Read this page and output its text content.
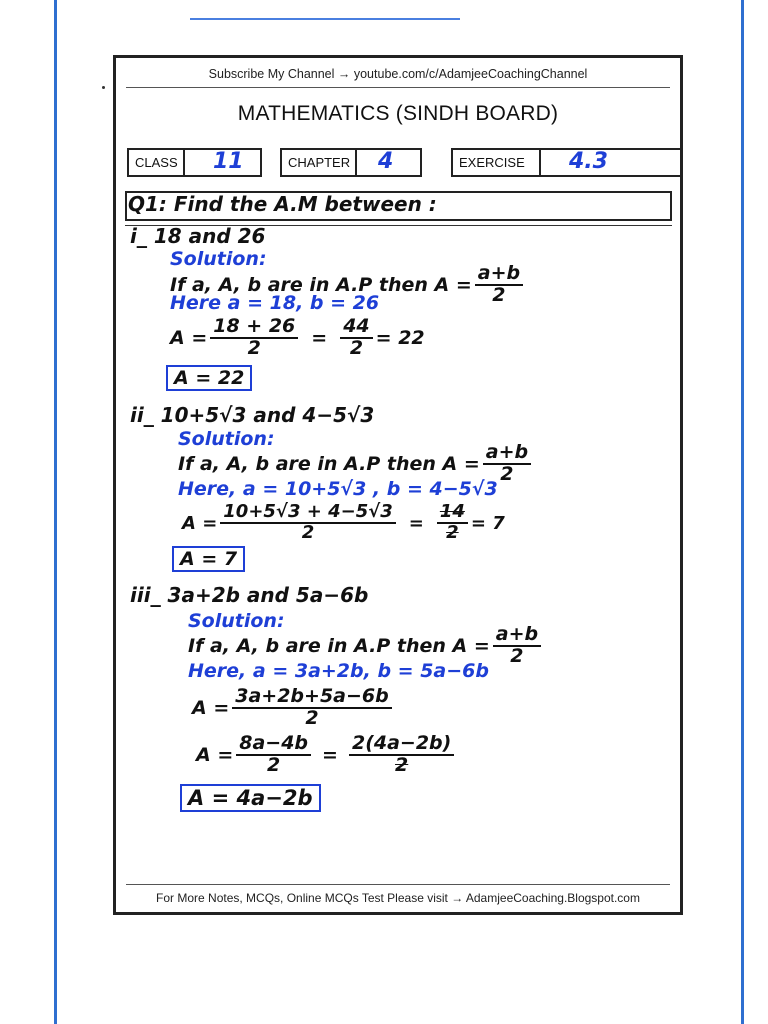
Subscribe My Channel → youtube.com/c/AdamjeeCoachingChannel
MATHEMATICS (SINDH BOARD)
CLASS 11	CHAPTER 4	EXERCISE 4.3
Q1: Find the A.M between :
i_ 18 and 26
Solution:
If a, A, b are in A.P then $A = \frac{a+b}{2}$
Here a = 18, b = 26
$A = \frac{18 + 26}{2} = \frac{44}{2} = 22$
A = 22
ii_ 10+5√3 and 4−5√3
Solution:
If a, A, b are in A.P then $A = \frac{a+b}{2}$
Here, a = 10+5√3 , b = 4−5√3
$A = \frac{10+5√3 + 4-5√3}{2} = \frac{14}{2} = 7$
A = 7
iii_ 3a+2b and 5a−6b
Solution:
If a, A, b are in A.P then $A = \frac{a+b}{2}$
Here, a = 3a+2b, b = 5a−6b
$A = \frac{3a+2b+5a-6b}{2}$
$A = \frac{8a-4b}{2} = \frac{2(4a-2b)}{2}$
A = 4a−2b
For More Notes, MCQs, Online MCQs Test Please visit → AdamjeeCoaching.Blogspot.com
